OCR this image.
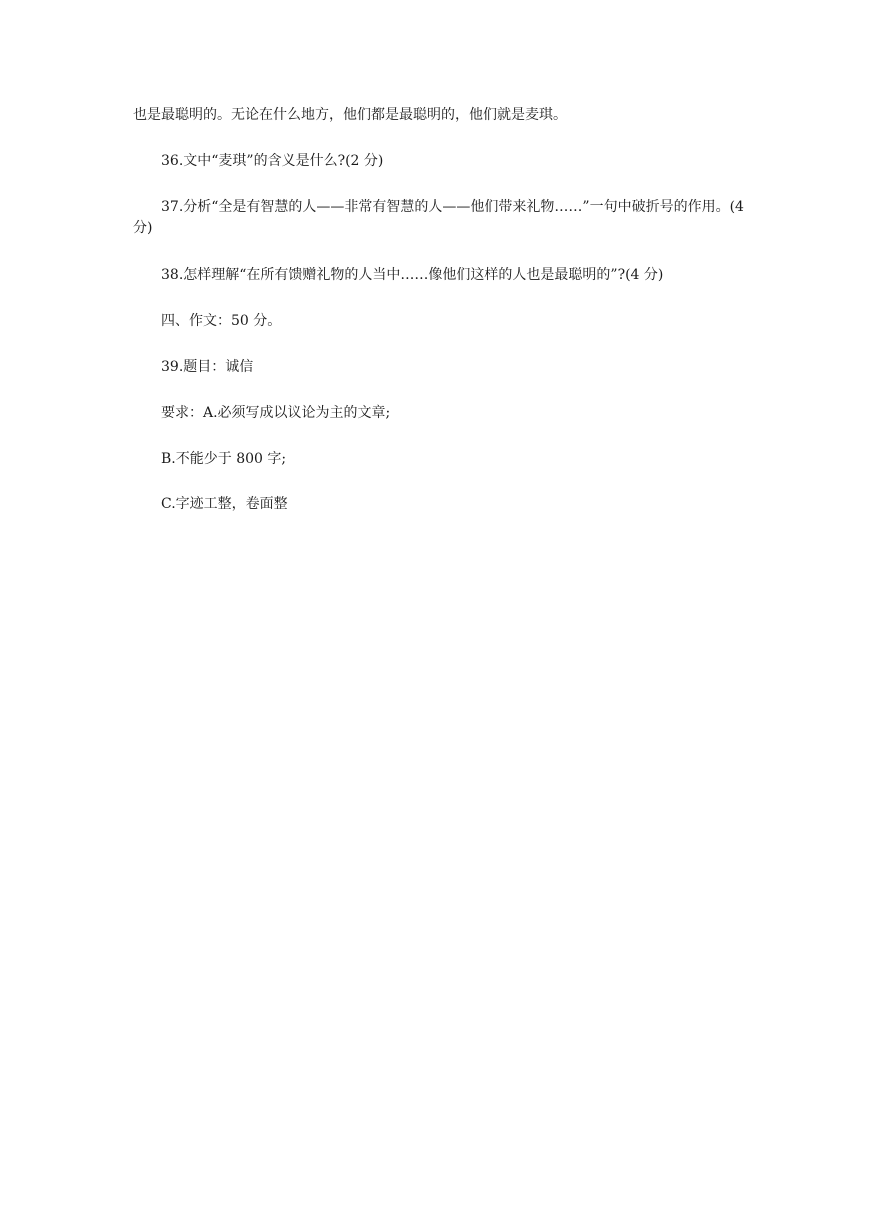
也是最聪明的。无论在什么地方，他们都是最聪明的，他们就是麦琪。
36.文中“麦琪”的含义是什么?(2 分)
37.分析“全是有智慧的人——非常有智慧的人——他们带来礼物……”一句中破折号的作用。(4 分)
38.怎样理解“在所有馈赠礼物的人当中……像他们这样的人也是最聪明的”?(4 分)
四、作文：50 分。
39.题目：诚信
要求：A.必须写成以议论为主的文章;
B.不能少于 800 字;
C.字迹工整，卷面整
